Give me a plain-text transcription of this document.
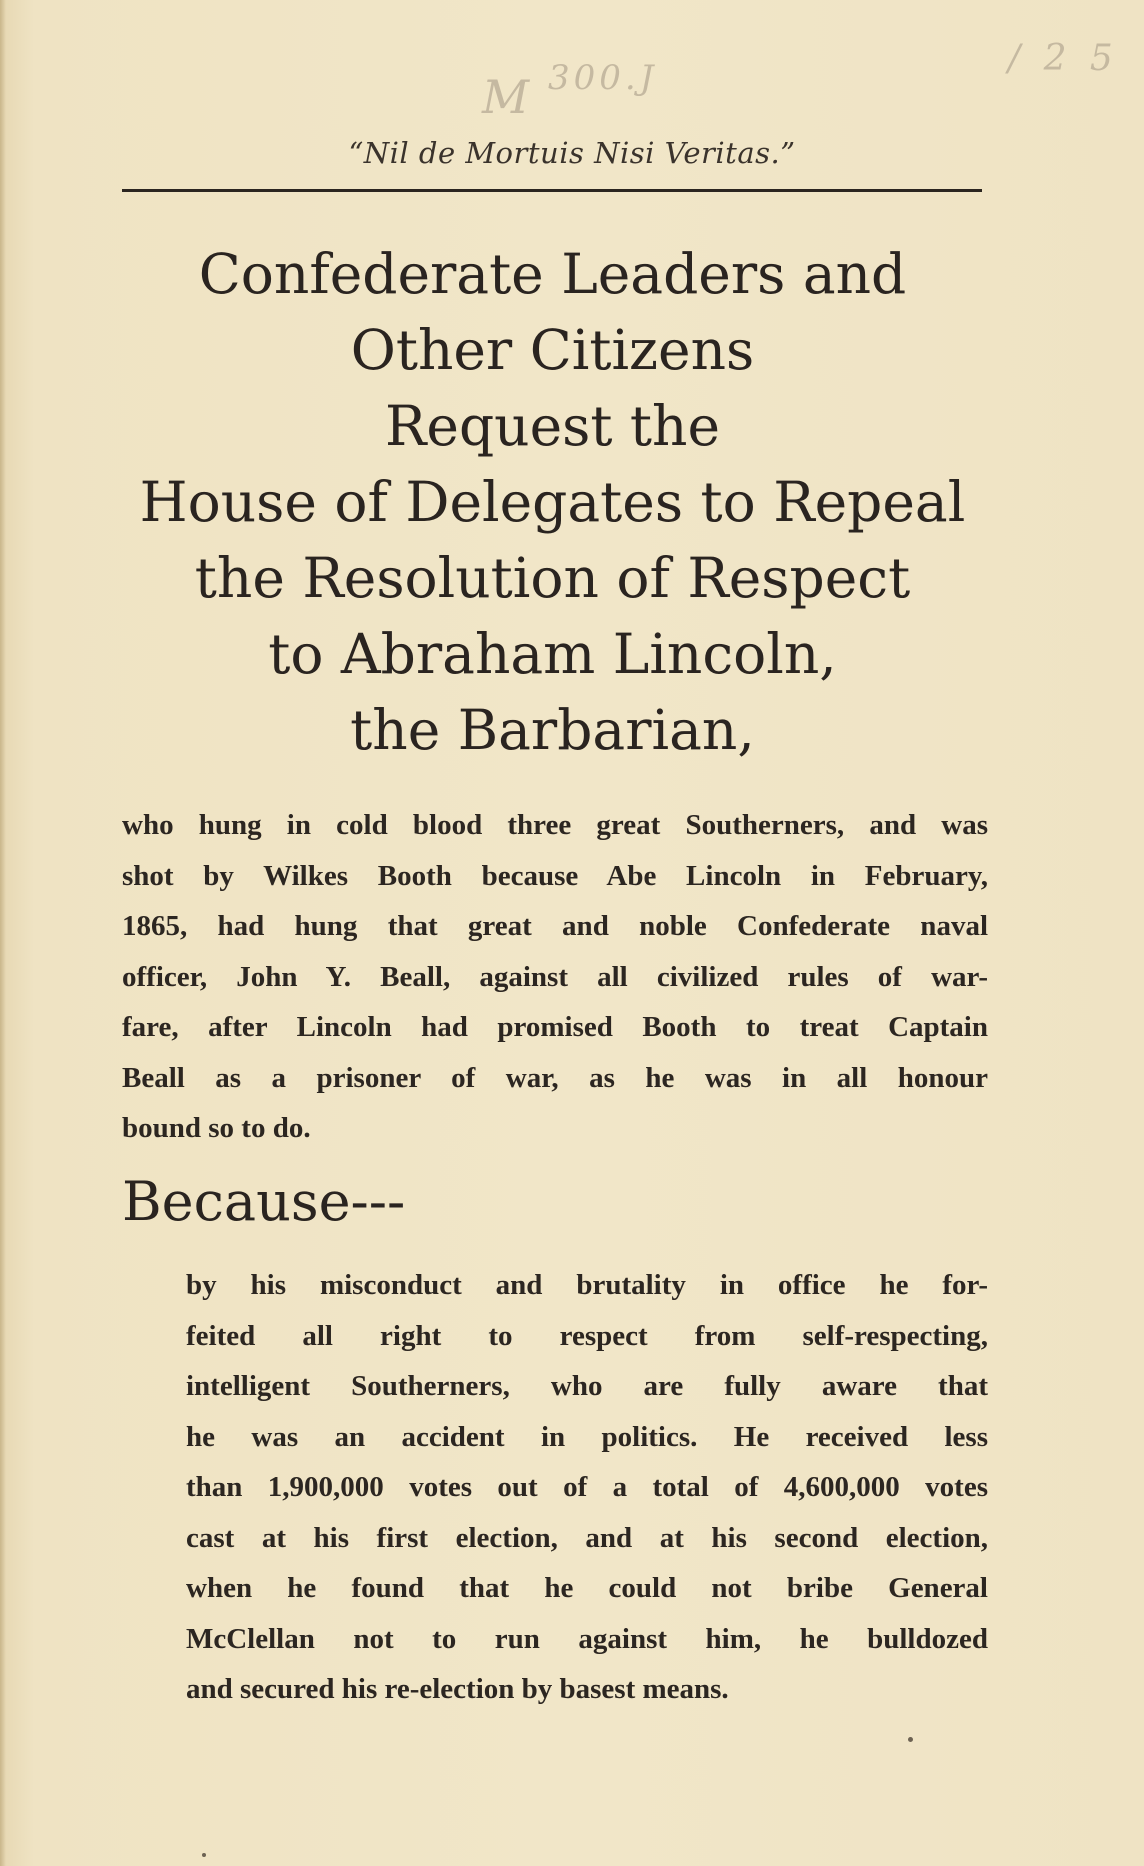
M 300.J	/ 2 5
“Nil de Mortuis Nisi Veritas.”
Confederate Leaders and
Other Citizens
Request the
House of Delegates to Repeal
the Resolution of Respect
to Abraham Lincoln,
the Barbarian,
who hung in cold blood three great Southerners, and was
shot by Wilkes Booth because Abe Lincoln in February,
1865, had hung that great and noble Confederate naval
officer, John Y. Beall, against all civilized rules of war-
fare, after Lincoln had promised Booth to treat Captain
Beall as a prisoner of war, as he was in all honour
bound so to do.
Because---
by his misconduct and brutality in office he for-
feited all right to respect from self-respecting,
intelligent Southerners, who are fully aware that
he was an accident in politics. He received less
than 1,900,000 votes out of a total of 4,600,000 votes
cast at his first election, and at his second election,
when he found that he could not bribe General
McClellan not to run against him, he bulldozed
and secured his re-election by basest means.
